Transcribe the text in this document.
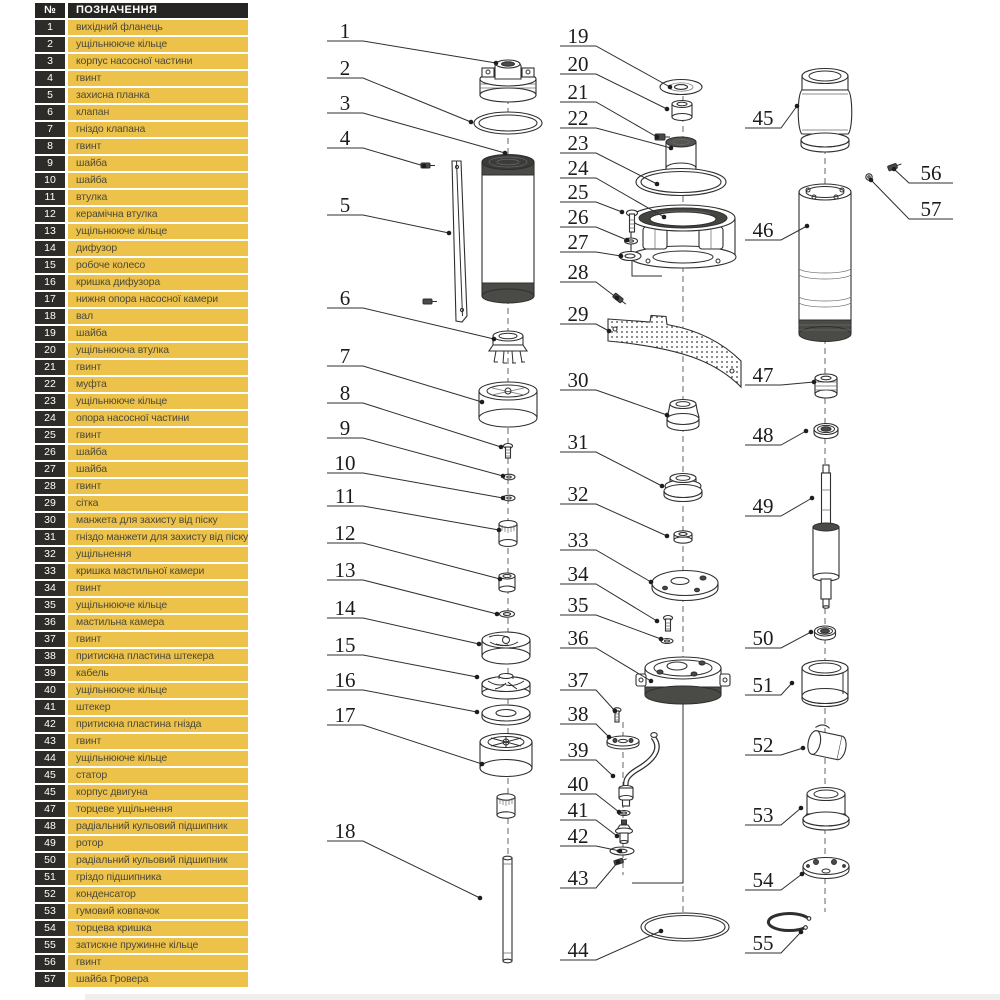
№	ПОЗНАЧЕННЯ
1	вихідний фланець
2	ущільнююче кільце
3	корпус насосної частини
4	гвинт
5	захисна планка
6	клапан
7	гніздо клапана
8	гвинт
9	шайба
10	шайба
11	втулка
12	керамічна втулка
13	ущільнююче кільце
14	дифузор
15	робоче колесо
16	кришка дифузора
17	нижня опора насосної камери
18	вал
19	шайба
20	ущільнююча втулка
21	гвинт
22	муфта
23	ущільнююче кільце
24	опора насосної частини
25	гвинт
26	шайба
27	шайба
28	гвинт
29	сітка
30	манжета для захисту від піску
31	гніздо манжети для захисту від піску
32	ущільнення
33	кришка мастильної камери
34	гвинт
35	ущільнююче кільце
36	мастильна камера
37	гвинт
38	притискна пластина штекера
39	кабель
40	ущільнююче кільце
41	штекер
42	притискна пластина гнізда
43	гвинт
44	ущільнююче кільце
45	статор
45	корпус двигуна
47	торцеве ущільнення
48	радіальний кульовий підшипник
49	ротор
50	радіальний кульовий підшипник
51	гріздо підшипника
52	конденсатор
53	гумовий ковпачок
54	торцева кришка
55	затискне пружинне кільце
56	гвинт
57	шайба Гровера
1
2
3
4
5
6
7
8
9
10
11
12
13
14
15
16
17
18
19
20
21
22
23
24
25
26
27
28
29
30
31
32
33
34
35
36
37
38
39
40
41
42
43
44
45
46
47
48
49
50
51
52
53
54
55
56
57
